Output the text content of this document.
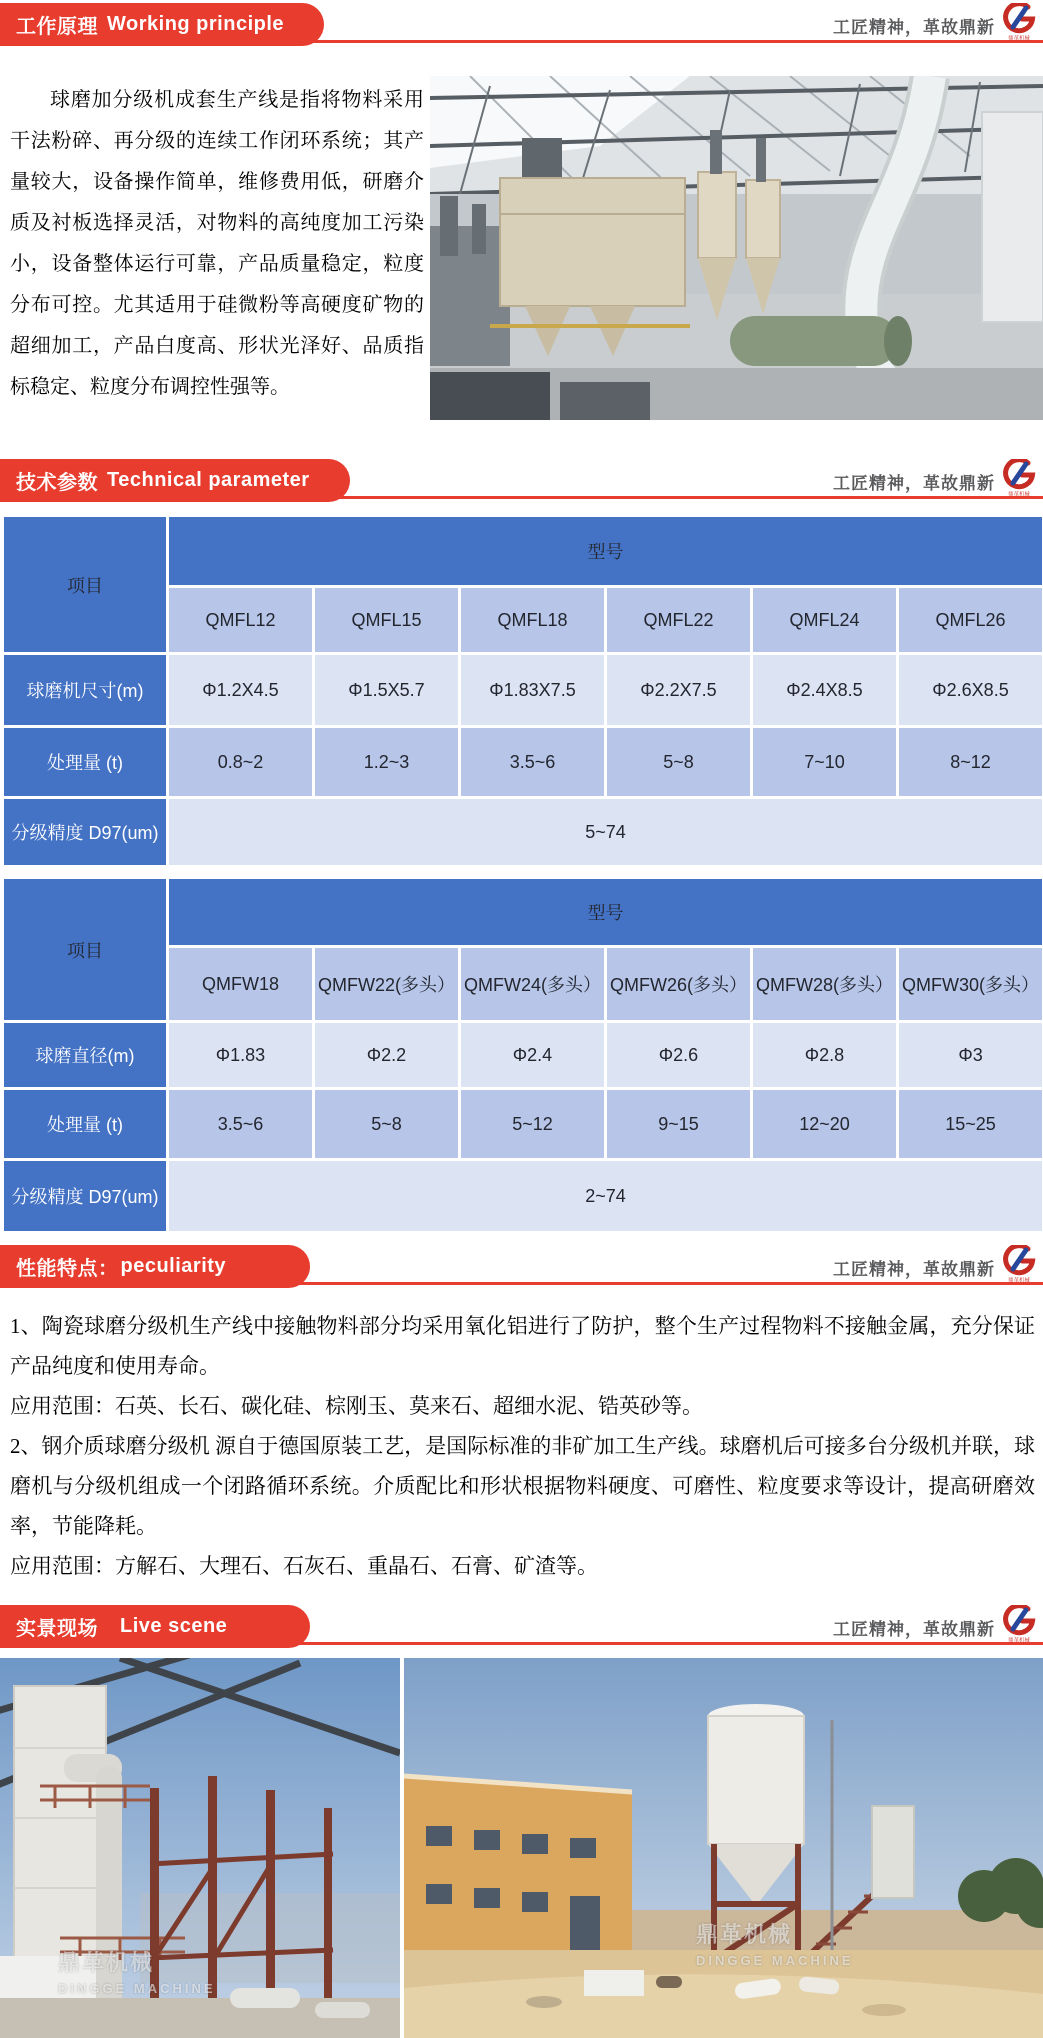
工作原理 Working principle	工匠精神，革故鼎新
鼎革机械
球磨加分级机成套生产线是指将物料采用干法粉碎、再分级的连续工作闭环系统；其产量较大，设备操作简单，维修费用低，研磨介质及衬板选择灵活，对物料的高纯度加工污染小，设备整体运行可靠，产品质量稳定，粒度分布可控。尤其适用于硅微粉等高硬度矿物的超细加工，产品白度高、形状光泽好、品质指标稳定、粒度分布调控性强等。
技术参数 Technical parameter	工匠精神，革故鼎新
鼎革机械
项目	型号					
	QMFL12	QMFL15	QMFL18	QMFL22	QMFL24	QMFL26
球磨机尺寸(m)	Φ1.2X4.5	Φ1.5X5.7	Φ1.83X7.5	Φ2.2X7.5	Φ2.4X8.5	Φ2.6X8.5
处理量 (t)	0.8~2	1.2~3	3.5~6	5~8	7~10	8~12
分级精度 D97(um)	5~74					
项目	型号					
	QMFW18	QMFW22(多头）	QMFW24(多头）	QMFW26(多头）	QMFW28(多头）	QMFW30(多头）
球磨直径(m)	Φ1.83	Φ2.2	Φ2.4	Φ2.6	Φ2.8	Φ3
处理量 (t)	3.5~6	5~8	5~12	9~15	12~20	15~25
分级精度 D97(um)	2~74					
性能特点： peculiarity	工匠精神，革故鼎新
鼎革机械

1、陶瓷球磨分级机生产线中接触物料部分均采用氧化铝进行了防护，整个生产过程物料不接触金属，充分保证产品纯度和使用寿命。

应用范围：石英、长石、碳化硅、棕刚玉、莫来石、超细水泥、锆英砂等。

2、钢介质球磨分级机 源自于德国原装工艺，是国际标准的非矿加工生产线。球磨机后可接多台分级机并联，球磨机与分级机组成一个闭路循环系统。介质配比和形状根据物料硬度、可磨性、粒度要求等设计，提高研磨效率，节能降耗。

应用范围：方解石、大理石、石灰石、重晶石、石膏、矿渣等。

实景现场 Live scene	工匠精神，革故鼎新
鼎革机械
鼎革机械
DINGGE MACHINE
鼎革机械
DINGGE MACHINE
